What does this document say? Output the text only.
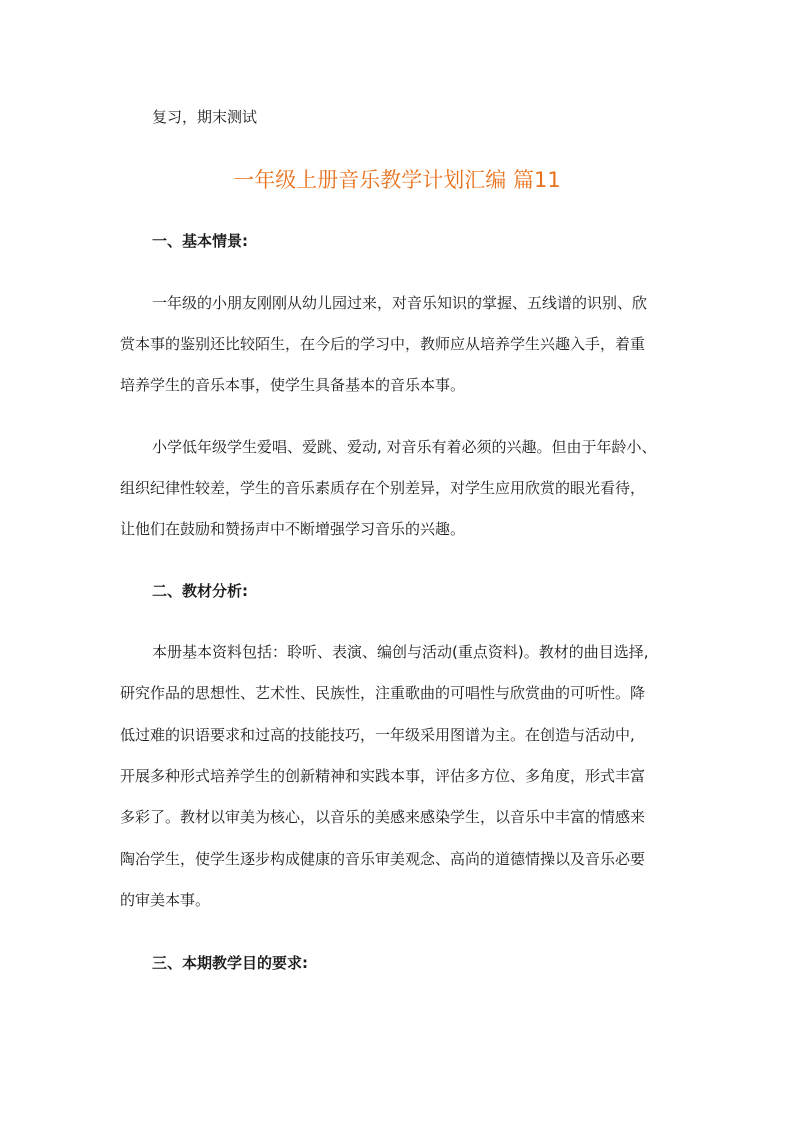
复习，期末测试
一年级上册音乐教学计划汇编 篇11
一、基本情景:
一年级的小朋友刚刚从幼儿园过来，对音乐知识的掌握、五线谱的识别、欣
赏本事的鉴别还比较陌生，在今后的学习中，教师应从培养学生兴趣入手，着重
培养学生的音乐本事，使学生具备基本的音乐本事。
小学低年级学生爱唱、爱跳、爱动, 对音乐有着必须的兴趣。但由于年龄小、
组织纪律性较差，学生的音乐素质存在个别差异，对学生应用欣赏的眼光看待，
让他们在鼓励和赞扬声中不断增强学习音乐的兴趣。
二、教材分析:
本册基本资料包括：聆听、表演、编创与活动(重点资料)。教材的曲目选择,
研究作品的思想性、艺术性、民族性，注重歌曲的可唱性与欣赏曲的可听性。降
低过难的识语要求和过高的技能技巧，一年级采用图谱为主。在创造与活动中,
开展多种形式培养学生的创新精神和实践本事，评估多方位、多角度，形式丰富
多彩了。教材以审美为核心，以音乐的美感来感染学生，以音乐中丰富的情感来
陶冶学生，使学生逐步构成健康的音乐审美观念、高尚的道德情操以及音乐必要
的审美本事。
三、本期教学目的要求:
